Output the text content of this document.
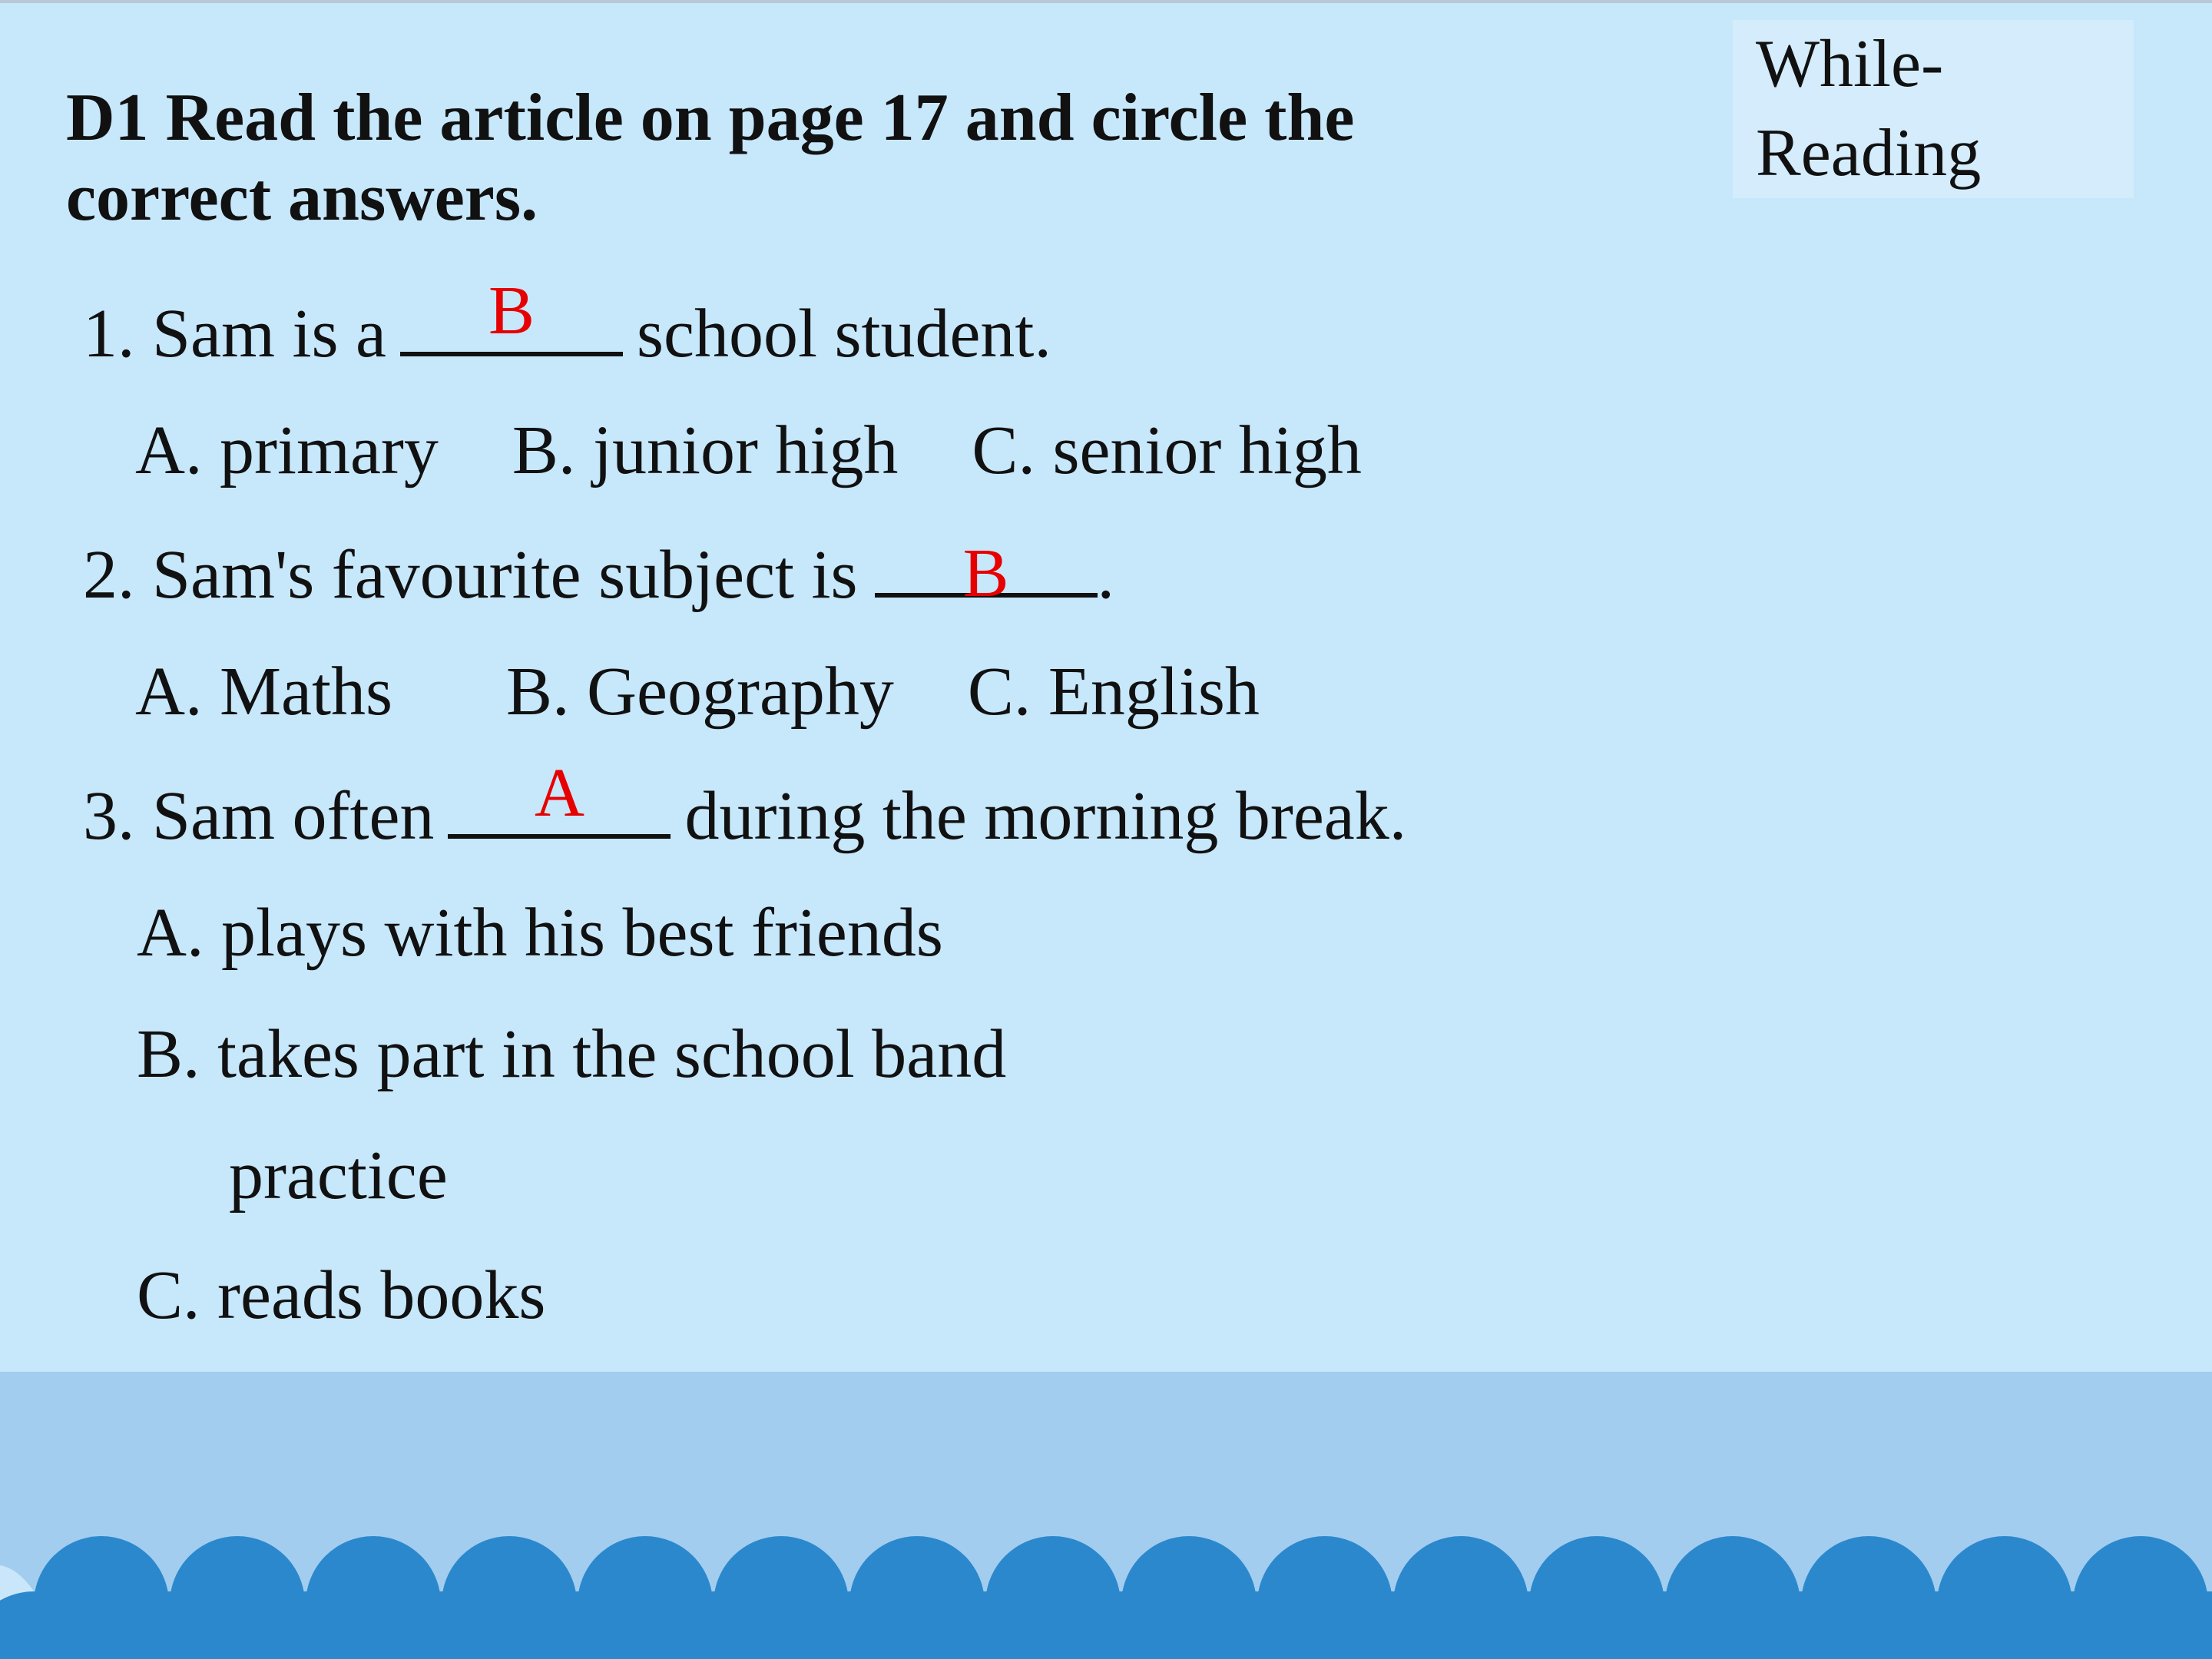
While-
Reading
D1 Read the article on page 17 and circle the
correct answers.
1. Sam is a	B	school student.
A. primary B. junior high C. senior high
2. Sam's favourite subject is	B	.
A. Maths B. Geography C. English
3. Sam often	A	during the morning break.
A. plays with his best friends
B. takes part in the school band
practice
C. reads books
